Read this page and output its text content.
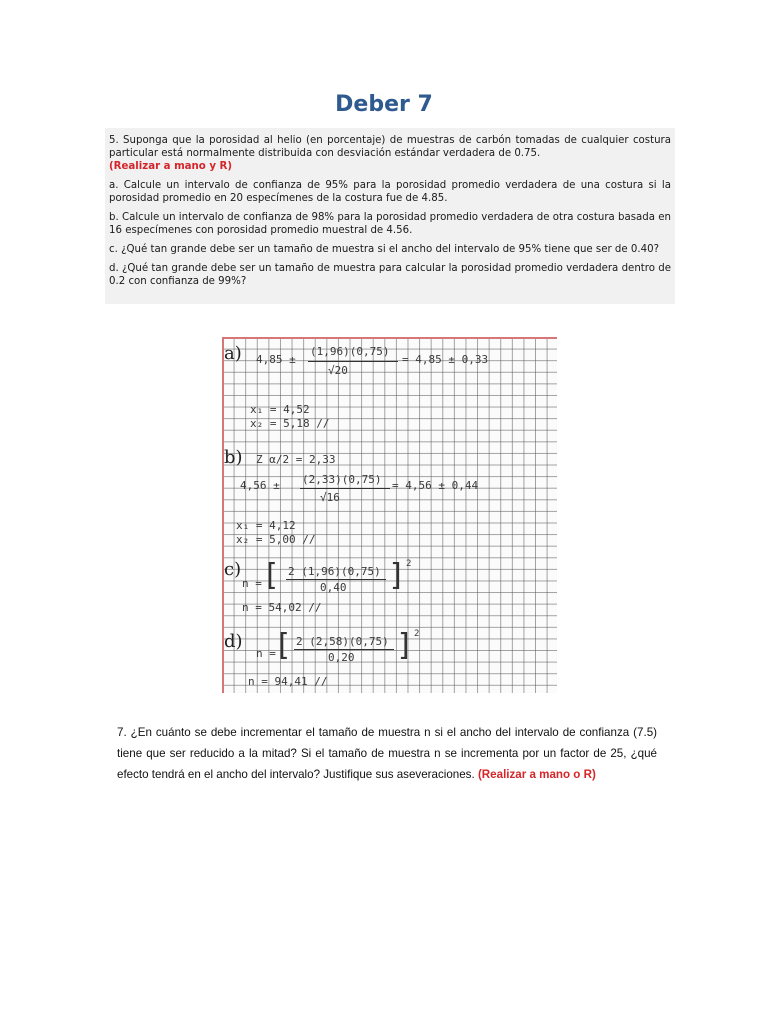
Deber 7

5. Suponga que la porosidad al helio (en porcentaje) de muestras de carbón tomadas de cualquier costura particular está normalmente distribuida con desviación estándar verdadera de 0.75.
(Realizar a mano y R)

a. Calcule un intervalo de confianza de 95% para la porosidad promedio verdadera de una costura si la porosidad promedio en 20 especímenes de la costura fue de 4.85.

b. Calcule un intervalo de confianza de 98% para la porosidad promedio verdadera de otra costura basada en 16 especímenes con porosidad promedio muestral de 4.56.

c. ¿Qué tan grande debe ser un tamaño de muestra si el ancho del intervalo de 95% tiene que ser de 0.40?

d. ¿Qué tan grande debe ser un tamaño de muestra para calcular la porosidad promedio verdadera dentro de 0.2 con confianza de 99%?

a) 4,85 ±
(1,96)(0,75)
√20
= 4,85 ± 0,33
x₁ = 4,52
x₂ = 5,18 //
b) Z α/2 = 2,33
4,56 ± (2,33)(0,75)
√16
= 4,56 ± 0,44
x₁ = 4,12
x₂ = 5,00 //
c)
n = [ 2 (1,96)(0,75)
0,40 ] 2
n = 54,02 //
d)
n = [ 2 (2,58)(0,75)
0,20 ] 2
n = 94,41 //

7. ¿En cuánto se debe incrementar el tamaño de muestra n si el ancho del intervalo de confianza (7.5) tiene que ser reducido a la mitad? Si el tamaño de muestra n se incrementa por un factor de 25, ¿qué efecto tendrá en el ancho del intervalo? Justifique sus aseveraciones. (Realizar a mano o R)
